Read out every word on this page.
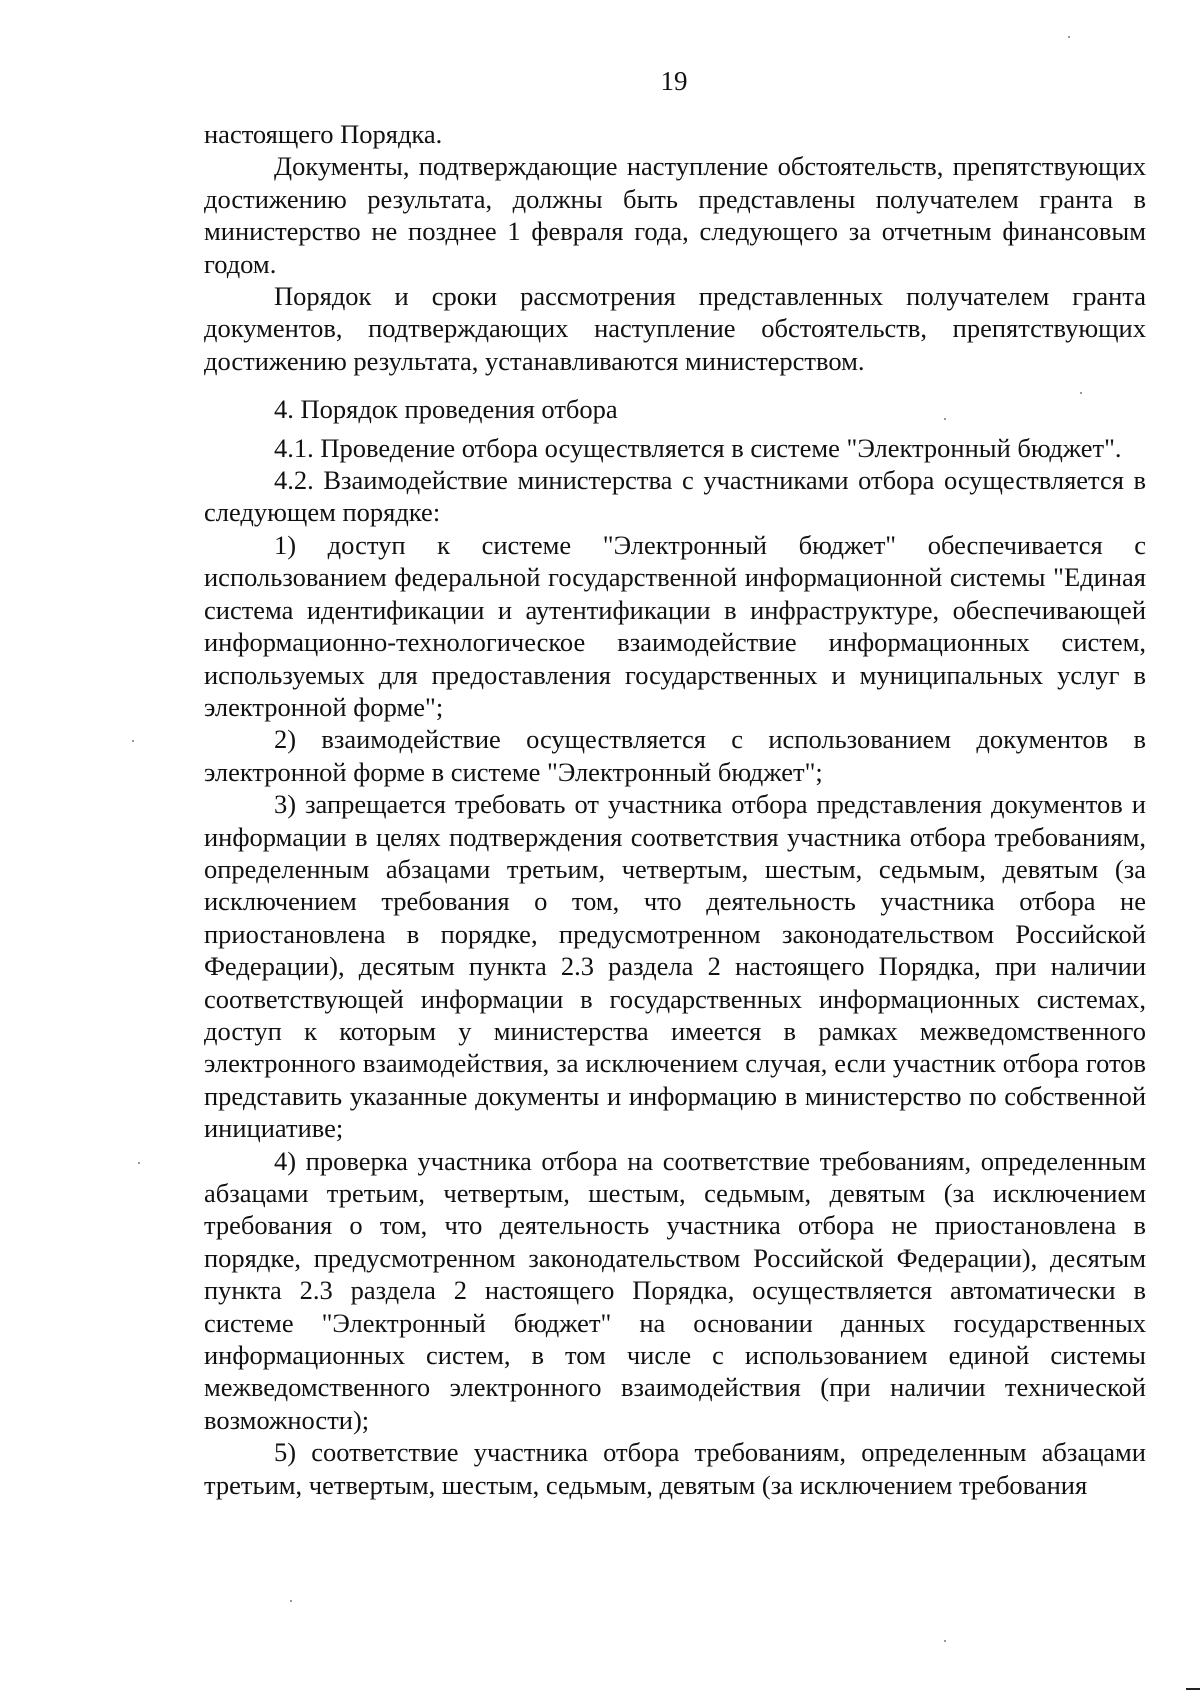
19

настоящего Порядка.

Документы, подтверждающие наступление обстоятельств, препятствующих достижению результата, должны быть представлены получателем гранта в министерство не позднее 1 февраля года, следующего за отчетным финансовым годом.

Порядок и сроки рассмотрения представленных получателем гранта документов, подтверждающих наступление обстоятельств, препятствующих достижению результата, устанавливаются министерством.

4. Порядок проведения отбора

4.1. Проведение отбора осуществляется в системе "Электронный бюджет".

4.2. Взаимодействие министерства с участниками отбора осуществляется в следующем порядке:

1) доступ к системе "Электронный бюджет" обеспечивается с использованием федеральной государственной информационной системы "Единая система идентификации и аутентификации в инфраструктуре, обеспечивающей информационно-технологическое взаимодействие информационных систем, используемых для предоставления государственных и муниципальных услуг в электронной форме";

2) взаимодействие осуществляется с использованием документов в электронной форме в системе "Электронный бюджет";

3) запрещается требовать от участника отбора представления документов и информации в целях подтверждения соответствия участника отбора требованиям, определенным абзацами третьим, четвертым, шестым, седьмым, девятым (за исключением требования о том, что деятельность участника отбора не приостановлена в порядке, предусмотренном законодательством Российской Федерации), десятым пункта 2.3 раздела 2 настоящего Порядка, при наличии соответствующей информации в государственных информационных системах, доступ к которым у министерства имеется в рамках межведомственного электронного взаимодействия, за исключением случая, если участник отбора готов представить указанные документы и информацию в министерство по собственной инициативе;

4) проверка участника отбора на соответствие требованиям, определенным абзацами третьим, четвертым, шестым, седьмым, девятым (за исключением требования о том, что деятельность участника отбора не приостановлена в порядке, предусмотренном законодательством Российской Федерации), десятым пункта 2.3 раздела 2 настоящего Порядка, осуществляется автоматически в системе "Электронный бюджет" на основании данных государственных информационных систем, в том числе с использованием единой системы межведомственного электронного взаимодействия (при наличии технической возможности);

5) соответствие участника отбора требованиям, определенным абзацами третьим, четвертым, шестым, седьмым, девятым (за исключением требования
